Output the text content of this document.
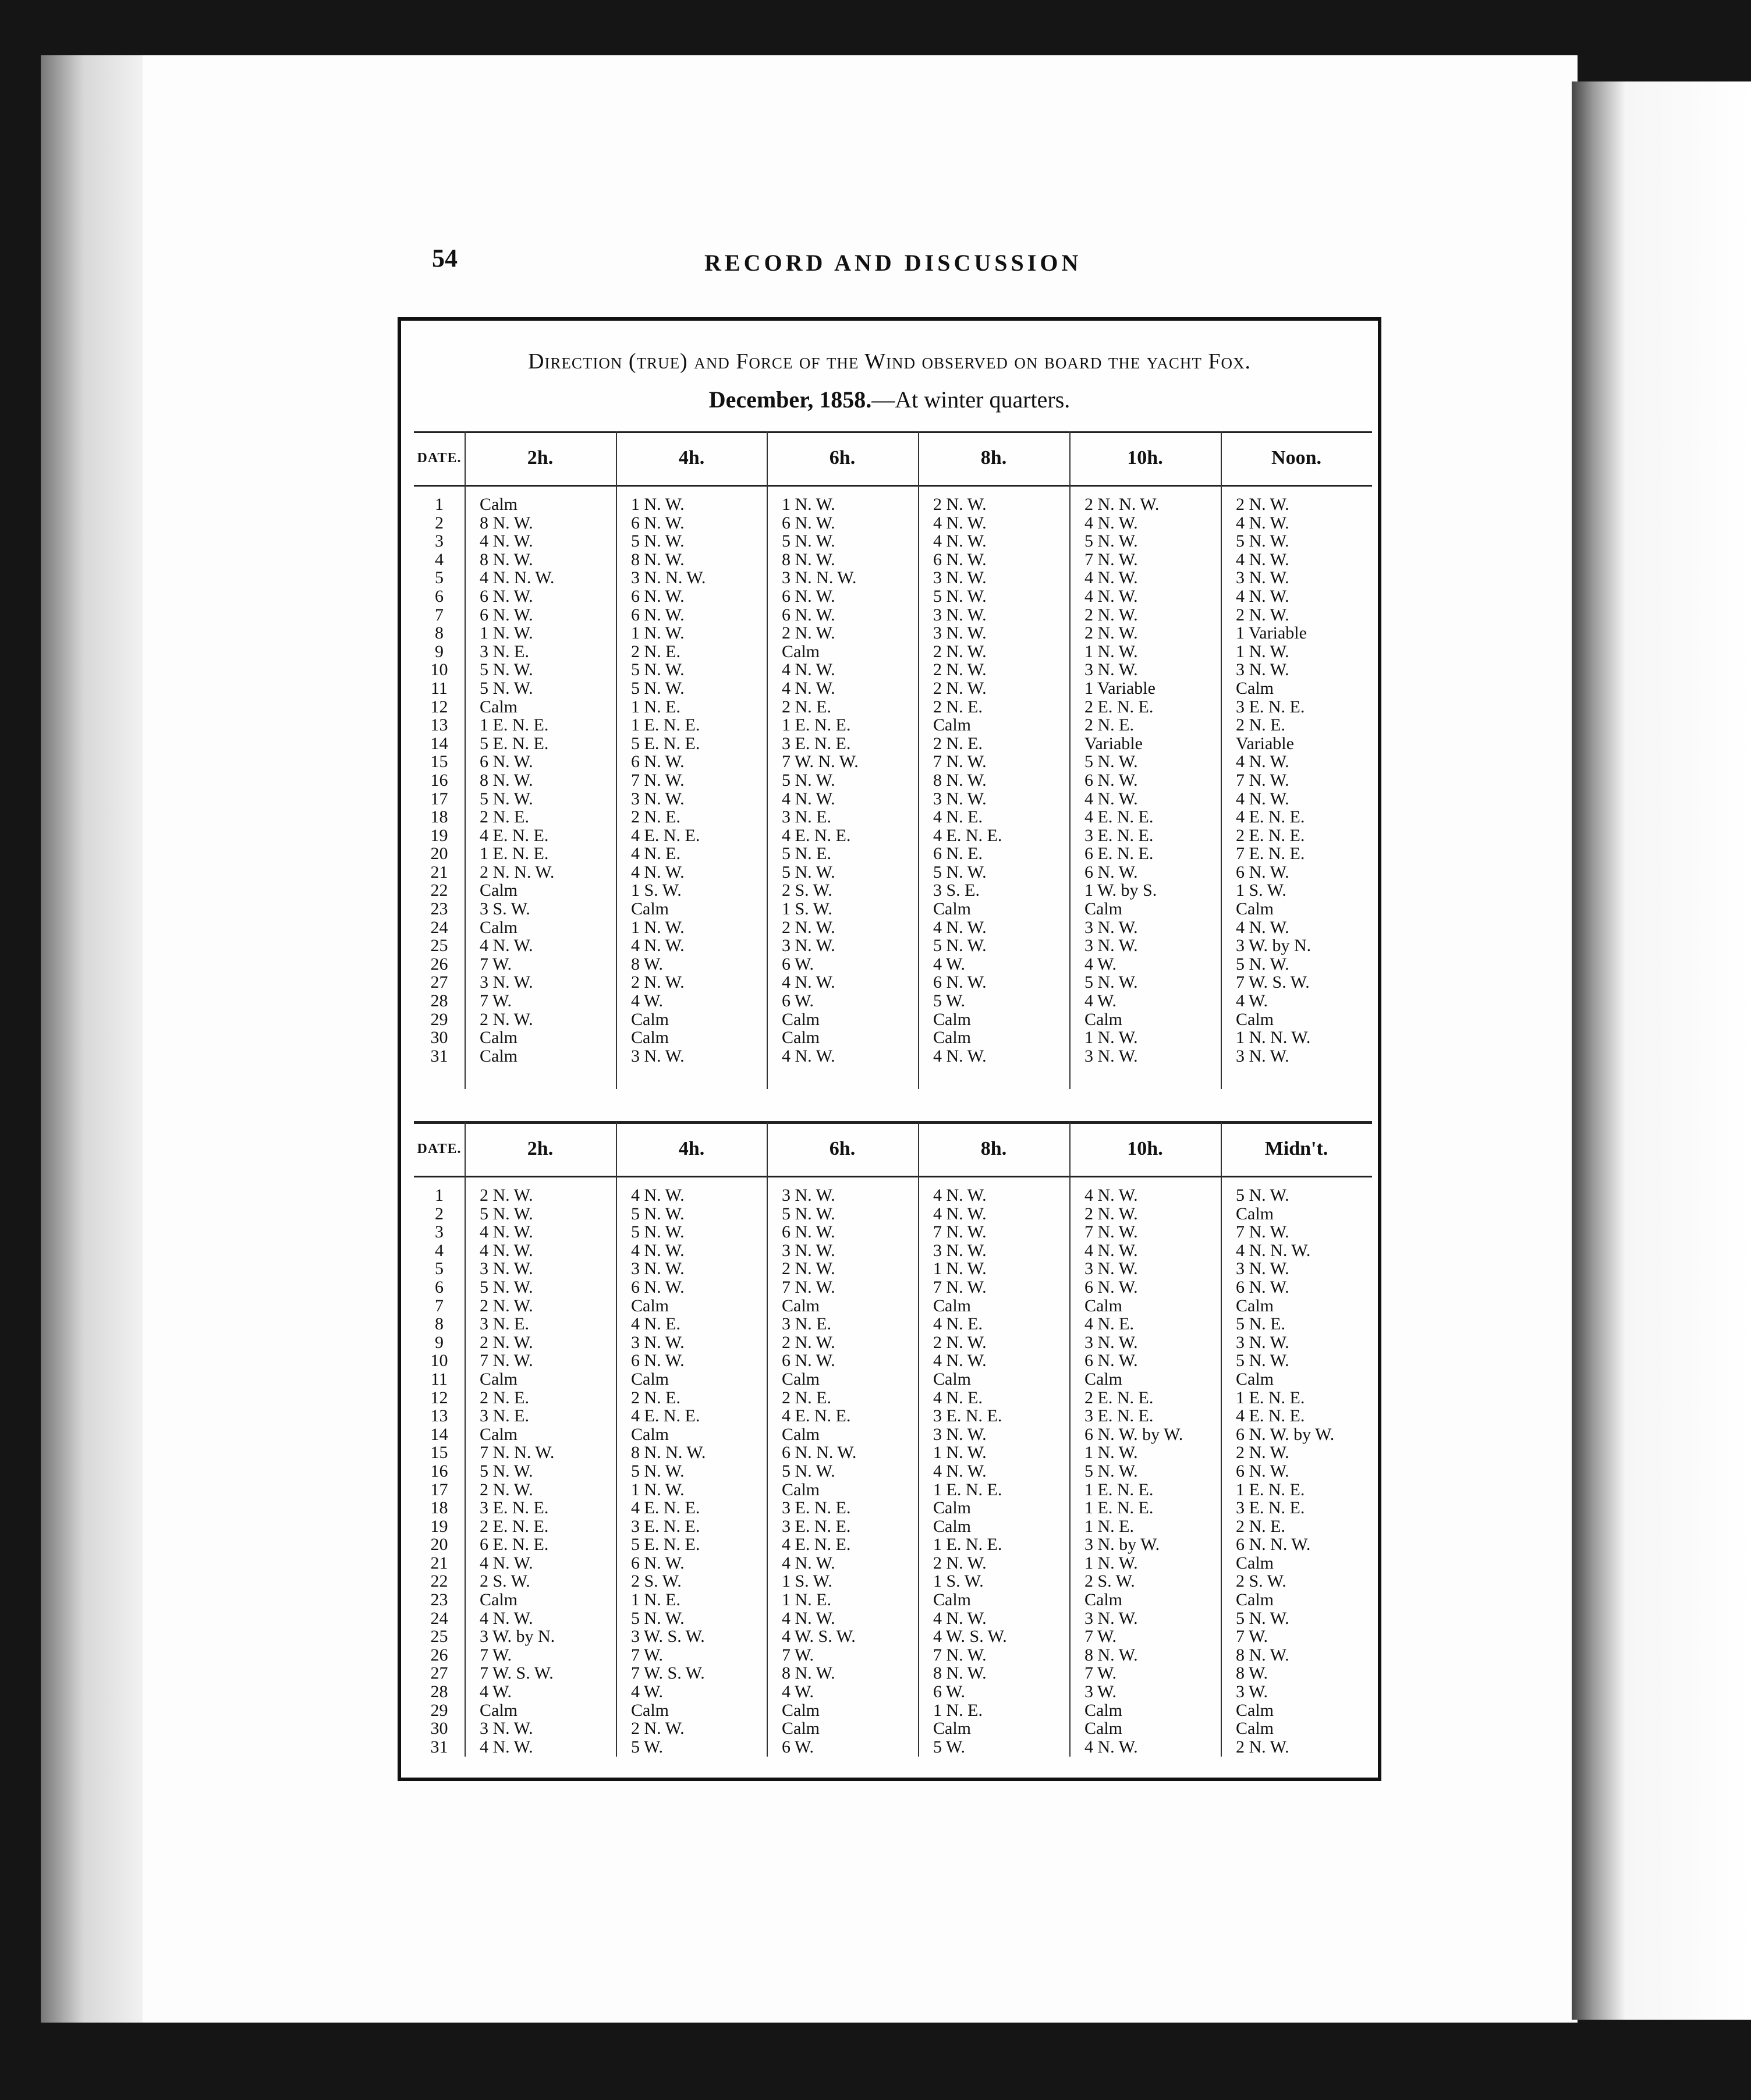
54	RECORD AND DISCUSSION
Direction (true) and Force of the Wind observed on board the yacht Fox.
December, 1858.—At winter quarters.
DATE.	2h.	4h.	6h.	8h.	10h.	Noon.
1	Calm	1 N. W.	1 N. W.	2 N. W.	2 N. N. W.	2 N. W.
2	8 N. W.	6 N. W.	6 N. W.	4 N. W.	4 N. W.	4 N. W.
3	4 N. W.	5 N. W.	5 N. W.	4 N. W.	5 N. W.	5 N. W.
4	8 N. W.	8 N. W.	8 N. W.	6 N. W.	7 N. W.	4 N. W.
5	4 N. N. W.	3 N. N. W.	3 N. N. W.	3 N. W.	4 N. W.	3 N. W.
6	6 N. W.	6 N. W.	6 N. W.	5 N. W.	4 N. W.	4 N. W.
7	6 N. W.	6 N. W.	6 N. W.	3 N. W.	2 N. W.	2 N. W.
8	1 N. W.	1 N. W.	2 N. W.	3 N. W.	2 N. W.	1 Variable
9	3 N. E.	2 N. E.	Calm	2 N. W.	1 N. W.	1 N. W.
10	5 N. W.	5 N. W.	4 N. W.	2 N. W.	3 N. W.	3 N. W.
11	5 N. W.	5 N. W.	4 N. W.	2 N. W.	1 Variable	Calm
12	Calm	1 N. E.	2 N. E.	2 N. E.	2 E. N. E.	3 E. N. E.
13	1 E. N. E.	1 E. N. E.	1 E. N. E.	Calm	2 N. E.	2 N. E.
14	5 E. N. E.	5 E. N. E.	3 E. N. E.	2 N. E.	Variable	Variable
15	6 N. W.	6 N. W.	7 W. N. W.	7 N. W.	5 N. W.	4 N. W.
16	8 N. W.	7 N. W.	5 N. W.	8 N. W.	6 N. W.	7 N. W.
17	5 N. W.	3 N. W.	4 N. W.	3 N. W.	4 N. W.	4 N. W.
18	2 N. E.	2 N. E.	3 N. E.	4 N. E.	4 E. N. E.	4 E. N. E.
19	4 E. N. E.	4 E. N. E.	4 E. N. E.	4 E. N. E.	3 E. N. E.	2 E. N. E.
20	1 E. N. E.	4 N. E.	5 N. E.	6 N. E.	6 E. N. E.	7 E. N. E.
21	2 N. N. W.	4 N. W.	5 N. W.	5 N. W.	6 N. W.	6 N. W.
22	Calm	1 S. W.	2 S. W.	3 S. E.	1 W. by S.	1 S. W.
23	3 S. W.	Calm	1 S. W.	Calm	Calm	Calm
24	Calm	1 N. W.	2 N. W.	4 N. W.	3 N. W.	4 N. W.
25	4 N. W.	4 N. W.	3 N. W.	5 N. W.	3 N. W.	3 W. by N.
26	7 W.	8 W.	6 W.	4 W.	4 W.	5 N. W.
27	3 N. W.	2 N. W.	4 N. W.	6 N. W.	5 N. W.	7 W. S. W.
28	7 W.	4 W.	6 W.	5 W.	4 W.	4 W.
29	2 N. W.	Calm	Calm	Calm	Calm	Calm
30	Calm	Calm	Calm	Calm	1 N. W.	1 N. N. W.
31	Calm	3 N. W.	4 N. W.	4 N. W.	3 N. W.	3 N. W.
DATE.	2h.	4h.	6h.	8h.	10h.	Midn't.
1	2 N. W.	4 N. W.	3 N. W.	4 N. W.	4 N. W.	5 N. W.
2	5 N. W.	5 N. W.	5 N. W.	4 N. W.	2 N. W.	Calm
3	4 N. W.	5 N. W.	6 N. W.	7 N. W.	7 N. W.	7 N. W.
4	4 N. W.	4 N. W.	3 N. W.	3 N. W.	4 N. W.	4 N. N. W.
5	3 N. W.	3 N. W.	2 N. W.	1 N. W.	3 N. W.	3 N. W.
6	5 N. W.	6 N. W.	7 N. W.	7 N. W.	6 N. W.	6 N. W.
7	2 N. W.	Calm	Calm	Calm	Calm	Calm
8	3 N. E.	4 N. E.	3 N. E.	4 N. E.	4 N. E.	5 N. E.
9	2 N. W.	3 N. W.	2 N. W.	2 N. W.	3 N. W.	3 N. W.
10	7 N. W.	6 N. W.	6 N. W.	4 N. W.	6 N. W.	5 N. W.
11	Calm	Calm	Calm	Calm	Calm	Calm
12	2 N. E.	2 N. E.	2 N. E.	4 N. E.	2 E. N. E.	1 E. N. E.
13	3 N. E.	4 E. N. E.	4 E. N. E.	3 E. N. E.	3 E. N. E.	4 E. N. E.
14	Calm	Calm	Calm	3 N. W.	6 N. W. by W.	6 N. W. by W.
15	7 N. N. W.	8 N. N. W.	6 N. N. W.	1 N. W.	1 N. W.	2 N. W.
16	5 N. W.	5 N. W.	5 N. W.	4 N. W.	5 N. W.	6 N. W.
17	2 N. W.	1 N. W.	Calm	1 E. N. E.	1 E. N. E.	1 E. N. E.
18	3 E. N. E.	4 E. N. E.	3 E. N. E.	Calm	1 E. N. E.	3 E. N. E.
19	2 E. N. E.	3 E. N. E.	3 E. N. E.	Calm	1 N. E.	2 N. E.
20	6 E. N. E.	5 E. N. E.	4 E. N. E.	1 E. N. E.	3 N. by W.	6 N. N. W.
21	4 N. W.	6 N. W.	4 N. W.	2 N. W.	1 N. W.	Calm
22	2 S. W.	2 S. W.	1 S. W.	1 S. W.	2 S. W.	2 S. W.
23	Calm	1 N. E.	1 N. E.	Calm	Calm	Calm
24	4 N. W.	5 N. W.	4 N. W.	4 N. W.	3 N. W.	5 N. W.
25	3 W. by N.	3 W. S. W.	4 W. S. W.	4 W. S. W.	7 W.	7 W.
26	7 W.	7 W.	7 W.	7 N. W.	8 N. W.	8 N. W.
27	7 W. S. W.	7 W. S. W.	8 N. W.	8 N. W.	7 W.	8 W.
28	4 W.	4 W.	4 W.	6 W.	3 W.	3 W.
29	Calm	Calm	Calm	1 N. E.	Calm	Calm
30	3 N. W.	2 N. W.	Calm	Calm	Calm	Calm
31	4 N. W.	5 W.	6 W.	5 W.	4 N. W.	2 N. W.
